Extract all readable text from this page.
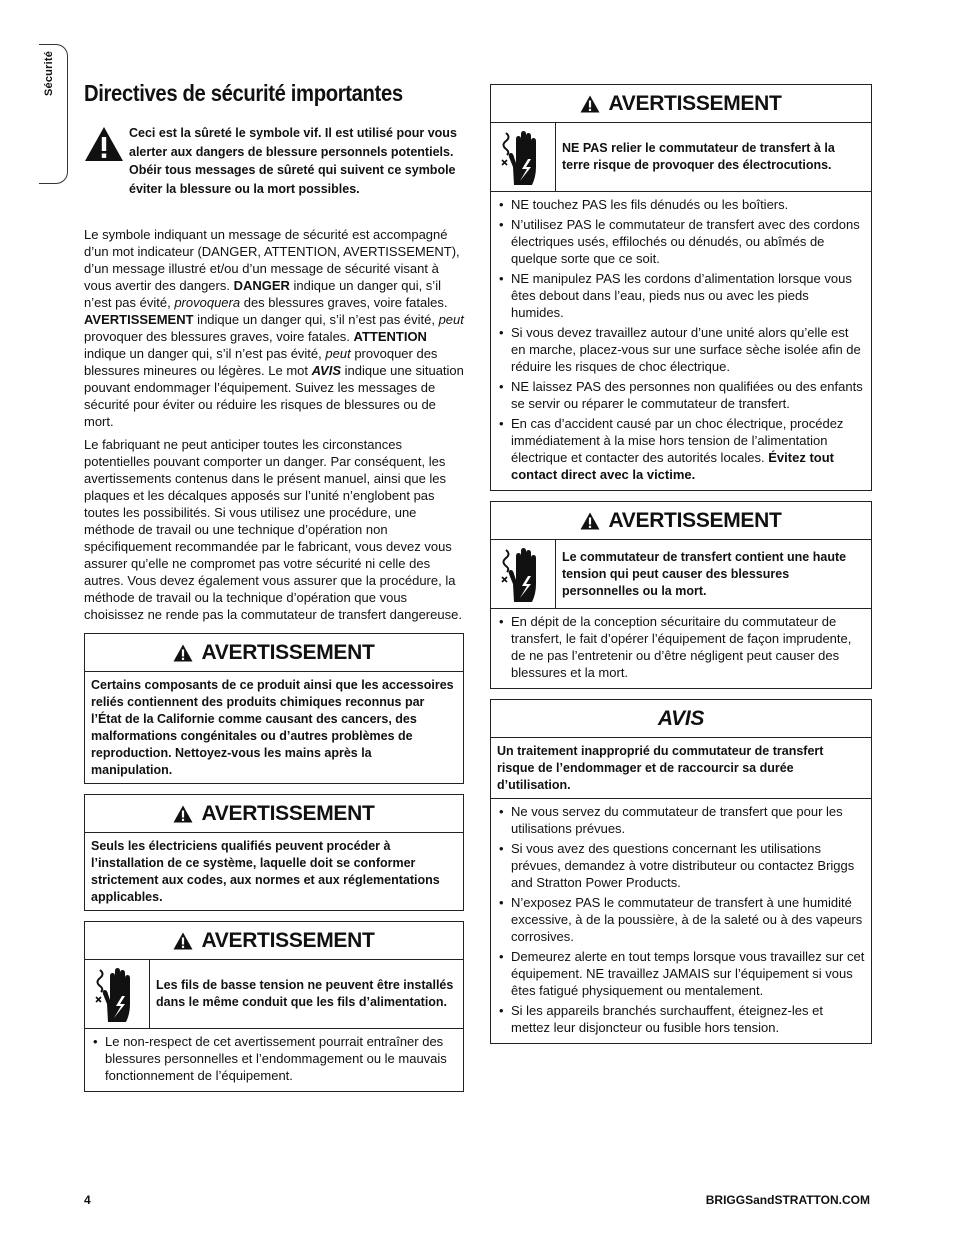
Sécurité	Directives de sécurité importantes
Ceci est la sûreté le symbole vif. Il est utilisé pour vous alerter aux dangers de blessure personnels potentiels. Obéir tous messages de sûreté qui suivent ce symbole éviter la blessure ou la mort possibles.

Le symbole indiquant un message de sécurité est accompagné d’un mot indicateur (DANGER, ATTENTION, AVERTISSEMENT), d’un message illustré et/ou d’un message de sécurité visant à vous avertir des dangers. DANGER indique un danger qui, s’il n’est pas évité, provoquera des blessures graves, voire fatales. AVERTISSEMENT indique un danger qui, s’il n’est pas évité, peut provoquer des blessures graves, voire fatales. ATTENTION indique un danger qui, s’il n’est pas évité, peut provoquer des blessures mineures ou légères. Le mot AVIS indique une situation pouvant endommager l’équipement. Suivez les messages de sécurité pour éviter ou réduire les risques de blessures ou de mort.

Le fabriquant ne peut anticiper toutes les circonstances potentielles pouvant comporter un danger. Par conséquent, les avertissements contenus dans le présent manuel, ainsi que les plaques et les décalques apposés sur l’unité n’englobent pas toutes les possibilités. Si vous utilisez une procédure, une méthode de travail ou une technique d’opération non spécifiquement recommandée par le fabricant, vous devez vous assurer qu’elle ne compromet pas votre sécurité ni celle des autres. Vous devez également vous assurer que la procédure, la méthode de travail ou la technique d’opération que vous choisissez ne rende pas la commutateur de transfert dangereuse.

AVERTISSEMENT
Certains composants de ce produit ainsi que les accessoires reliés contiennent des produits chimiques reconnus par l’État de la Californie comme causant des cancers, des malformations congénitales ou d’autres problèmes de reproduction. Nettoyez-vous les mains après la manipulation.
AVERTISSEMENT
Seuls les électriciens qualifiés peuvent procéder à l’installation de ce système, laquelle doit se conformer strictement aux codes, aux normes et aux réglementations applicables.
AVERTISSEMENT
Les fils de basse tension ne peuvent être installés dans le même conduit que les fils d’alimentation.
• Le non-respect de cet avertissement pourrait entraîner des blessures personnelles et l’endommagement ou le mauvais fonctionnement de l’équipement.
AVERTISSEMENT
NE PAS relier le commutateur de transfert à la terre risque de provoquer des électrocutions.
• NE touchez PAS les fils dénudés ou les boîtiers.
• N’utilisez PAS le commutateur de transfert avec des cordons électriques usés, effilochés ou dénudés, ou abîmés de quelque sorte que ce soit.
• NE manipulez PAS les cordons d’alimentation lorsque vous êtes debout dans l’eau, pieds nus ou avec les pieds humides.
• Si vous devez travaillez autour d’une unité alors qu’elle est en marche, placez-vous sur une surface sèche isolée afin de réduire les risques de choc électrique.
• NE laissez PAS des personnes non qualifiées ou des enfants se servir ou réparer le commutateur de transfert.
• En cas d’accident causé par un choc électrique, procédez immédiatement à la mise hors tension de l’alimentation électrique et contacter des autorités locales. Évitez tout contact direct avec la victime.
AVERTISSEMENT
Le commutateur de transfert contient une haute tension qui peut causer des blessures personnelles ou la mort.
• En dépit de la conception sécuritaire du commutateur de transfert, le fait d’opérer l’équipement de façon imprudente, de ne pas l’entretenir ou d’être négligent peut causer des blessures et la mort.
AVIS
Un traitement inapproprié du commutateur de transfert risque de l’endommager et de raccourcir sa durée d’utilisation.
• Ne vous servez du commutateur de transfert que pour les utilisations prévues.
• Si vous avez des questions concernant les utilisations prévues, demandez à votre distributeur ou contactez Briggs and Stratton Power Products.
• N’exposez PAS le commutateur de transfert à une humidité excessive, à de la poussière, à de la saleté ou à des vapeurs corrosives.
• Demeurez alerte en tout temps lorsque vous travaillez sur cet équipement. NE travaillez JAMAIS sur l’équipement si vous êtes fatigué physiquement ou mentalement.
• Si les appareils branchés surchauffent, éteignez-les et mettez leur disjoncteur ou fusible hors tension.
4	BRIGGSandSTRATTON.COM
